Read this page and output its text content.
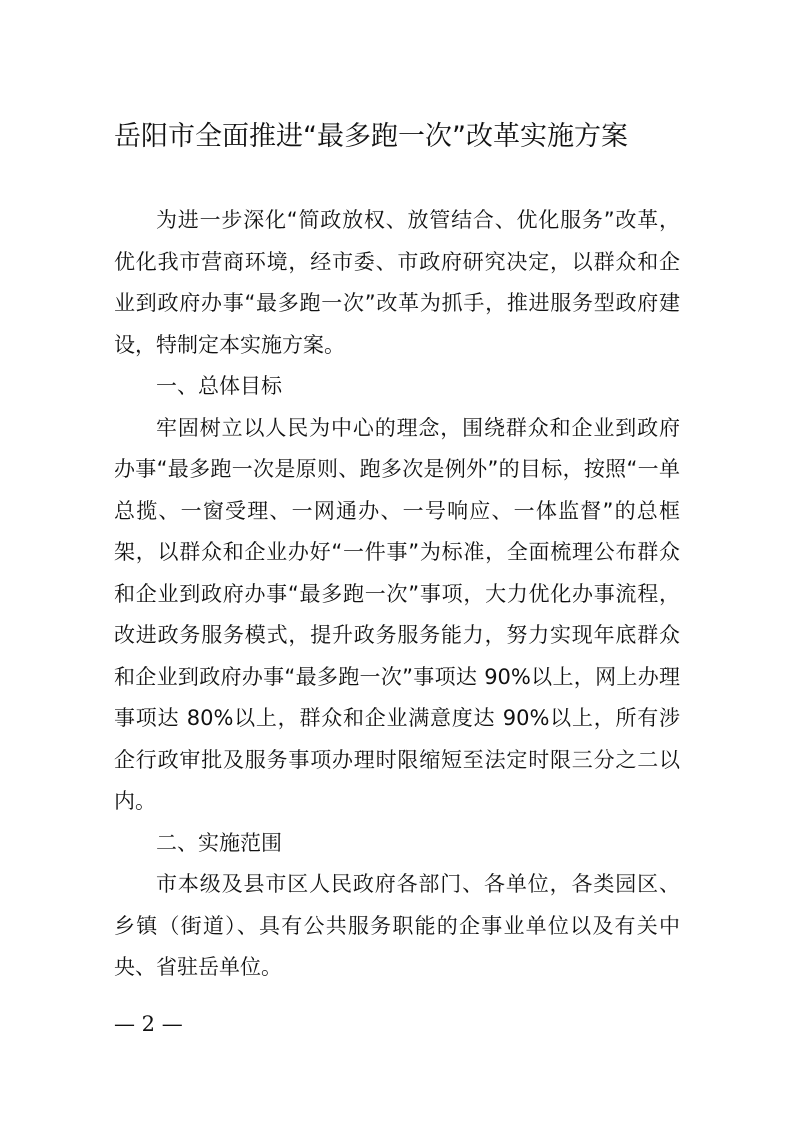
岳阳市全面推进“最多跑一次”改革实施方案

为进一步深化“简政放权、放管结合、优化服务”改革，优化我市营商环境，经市委、市政府研究决定，以群众和企业到政府办事“最多跑一次”改革为抓手，推进服务型政府建设，特制定本实施方案。

一、总体目标

牢固树立以人民为中心的理念，围绕群众和企业到政府办事“最多跑一次是原则、跑多次是例外”的目标，按照“一单总揽、一窗受理、一网通办、一号响应、一体监督”的总框架，以群众和企业办好“一件事”为标准，全面梳理公布群众和企业到政府办事“最多跑一次”事项，大力优化办事流程，改进政务服务模式，提升政务服务能力，努力实现年底群众和企业到政府办事“最多跑一次”事项达 90%以上，网上办理事项达 80%以上，群众和企业满意度达 90%以上，所有涉企行政审批及服务事项办理时限缩短至法定时限三分之二以内。

二、实施范围

市本级及县市区人民政府各部门、各单位，各类园区、乡镇（街道）、具有公共服务职能的企事业单位以及有关中央、省驻岳单位。

— 2 —
